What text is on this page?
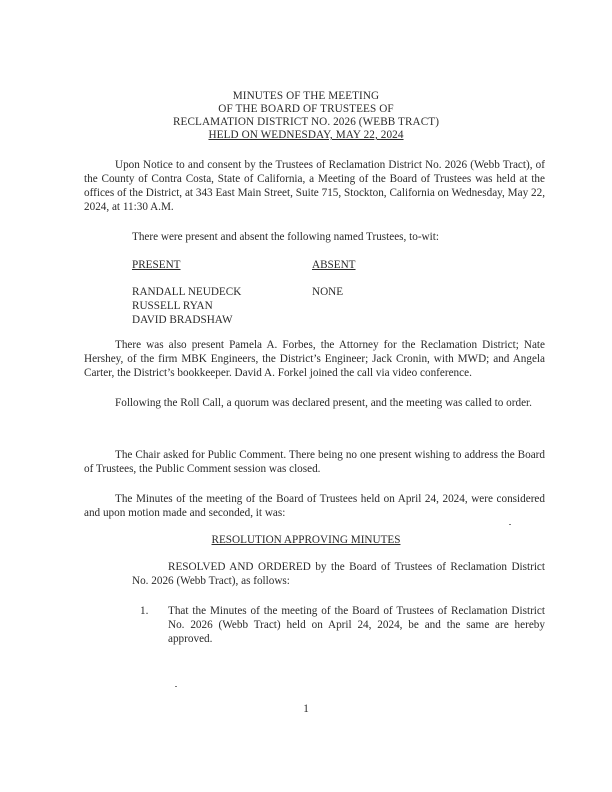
MINUTES OF THE MEETING
OF THE BOARD OF TRUSTEES OF
RECLAMATION DISTRICT NO. 2026 (WEBB TRACT)
HELD ON WEDNESDAY, MAY 22, 2024
Upon Notice to and consent by the Trustees of Reclamation District No. 2026 (Webb Tract), of the County of Contra Costa, State of California, a Meeting of the Board of Trustees was held at the offices of the District, at 343 East Main Street, Suite 715, Stockton, California on Wednesday, May 22, 2024, at 11:30 A.M.
There were present and absent the following named Trustees, to-wit:
PRESENT	ABSENT
RANDALL NEUDECK
RUSSELL RYAN
DAVID BRADSHAW
NONE
There was also present Pamela A. Forbes, the Attorney for the Reclamation District; Nate Hershey, of the firm MBK Engineers, the District’s Engineer; Jack Cronin, with MWD; and Angela Carter, the District’s bookkeeper. David A. Forkel joined the call via video conference.
Following the Roll Call, a quorum was declared present, and the meeting was called to order.
The Chair asked for Public Comment. There being no one present wishing to address the Board of Trustees, the Public Comment session was closed.
The Minutes of the meeting of the Board of Trustees held on April 24, 2024, were considered and upon motion made and seconded, it was:
RESOLUTION APPROVING MINUTES
RESOLVED AND ORDERED by the Board of Trustees of Reclamation District No. 2026 (Webb Tract), as follows:
1. That the Minutes of the meeting of the Board of Trustees of Reclamation District No. 2026 (Webb Tract) held on April 24, 2024, be and the same are hereby approved.
1
